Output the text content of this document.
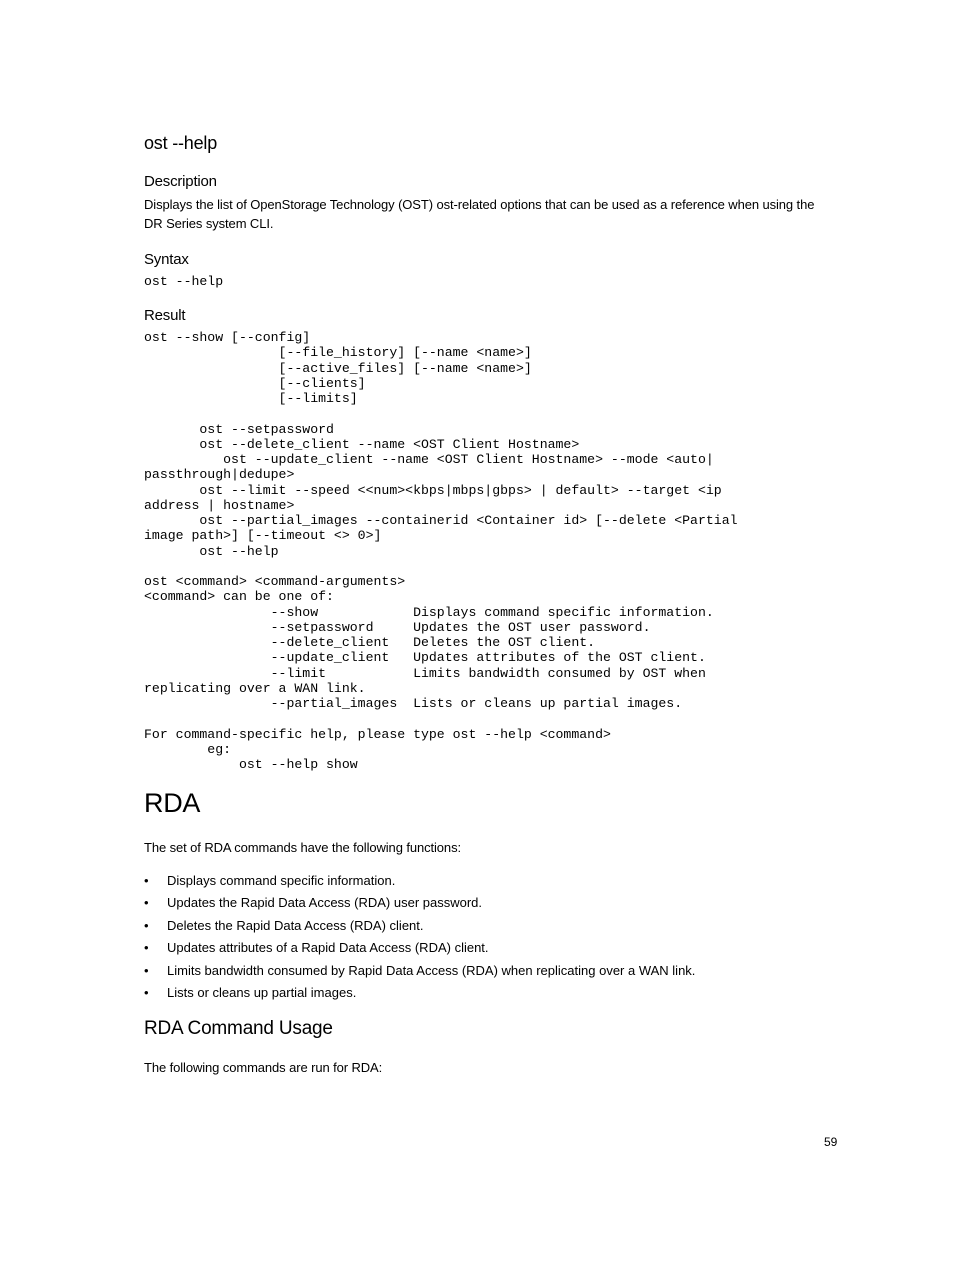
ost --help
Description

Displays the list of OpenStorage Technology (OST) ost-related options that can be used as a reference when using the DR Series system CLI.

Syntax
ost --help
Result
ost --show [--config]
[--file_history] [--name <name>]
[--active_files] [--name <name>]
[--clients]
[--limits]

ost --setpassword
ost --delete_client --name <OST Client Hostname>
ost --update_client --name <OST Client Hostname> --mode <auto|
passthrough|dedupe>
ost --limit --speed <<num><kbps|mbps|gbps> | default> --target <ip
address | hostname>
ost --partial_images --containerid <Container id> [--delete <Partial
image path>] [--timeout <> 0>]
ost --help

ost <command> <command-arguments>
<command> can be one of:
--show            Displays command specific information.
--setpassword     Updates the OST user password.
--delete_client   Deletes the OST client.
--update_client   Updates attributes of the OST client.
--limit           Limits bandwidth consumed by OST when
replicating over a WAN link.
--partial_images  Lists or cleans up partial images.

For command-specific help, please type ost --help <command>
eg:
ost --help show
RDA

The set of RDA commands have the following functions:

• Displays command specific information.
• Updates the Rapid Data Access (RDA) user password.
• Deletes the Rapid Data Access (RDA) client.
• Updates attributes of a Rapid Data Access (RDA) client.
• Limits bandwidth consumed by Rapid Data Access (RDA) when replicating over a WAN link.
• Lists or cleans up partial images.
RDA Command Usage

The following commands are run for RDA:

59
